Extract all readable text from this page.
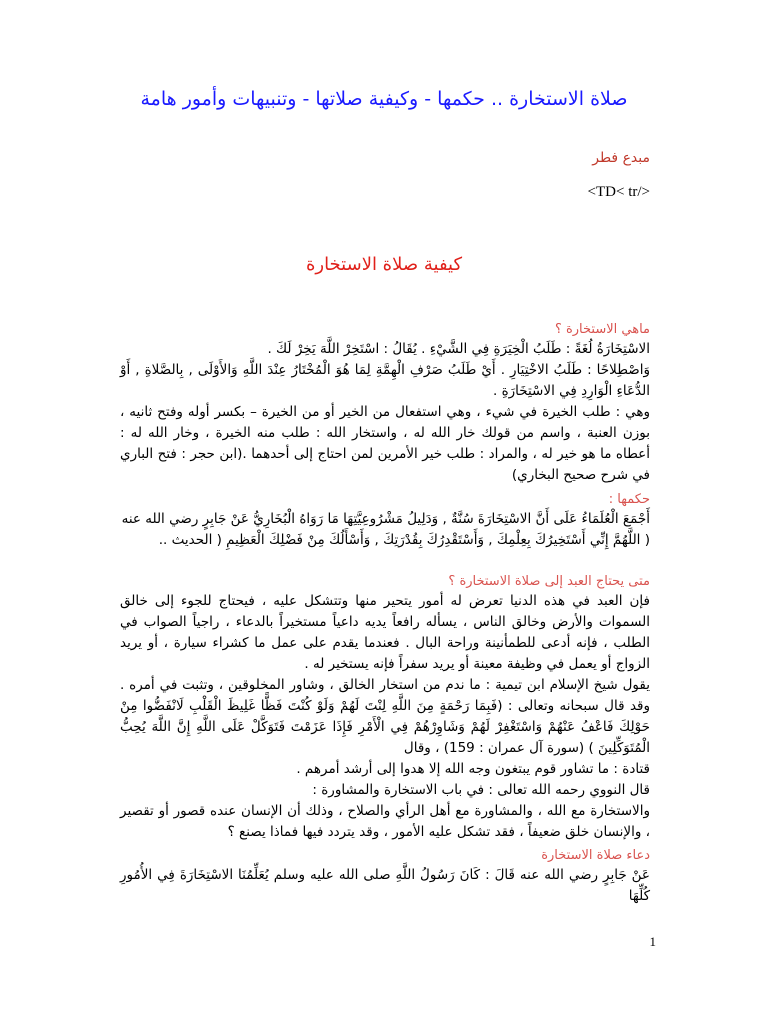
صلاة الاستخارة .. حكمها - وكيفية صلاتها - وتنبيهات وأمور هامة
مبدع فطر
<TD< tr/>
كيفية صلاة الاستخارة
ماهي الاستخارة ؟

الاسْتِخَارَةُ لُغَةً : طَلَبُ الْخِيَرَةِ فِي الشَّيْءِ . يُقَالُ : اسْتَخِرْ اللَّهَ يَخِرْ لَكَ .

وَاصْطِلاحًا : طَلَبُ الاخْتِيَارِ . أَيْ طَلَبُ صَرْفِ الْهِمَّةِ لِمَا هُوَ الْمُخْتَارُ عِنْدَ اللَّهِ وَالأَوْلَى , بِالصَّلاةِ , أَوْ الدُّعَاءِ الْوَارِدِ فِي الاسْتِخَارَةِ .

وهي : طلب الخيرة في شيء ، وهي استفعال من الخير أو من الخيرة – بكسر أوله وفتح ثانيه ، بوزن العنبة ، واسم من قولك خار الله له ، واستخار الله : طلب منه الخيرة ، وخار الله له : أعطاه ما هو خير له ، والمراد : طلب خير الأمرين لمن احتاج إلى أحدهما .(ابن حجر : فتح الباري في شرح صحيح البخاري)

حكمها :

أَجْمَعَ الْعُلَمَاءُ عَلَى أَنَّ الاسْتِخَارَةَ سُنَّةٌ , وَدَلِيلُ مَشْرُوعِيَّتِهَا مَا رَوَاهُ الْبُخَارِيُّ عَنْ جَابِرٍ رضي الله عنه

( اللَّهُمَّ إِنِّي أَسْتَخِيرُكَ بِعِلْمِكَ , وَأَسْتَقْدِرُكَ بِقُدْرَتِكَ , وَأَسْأَلُكَ مِنْ فَضْلِكَ الْعَظِيمِ ( الحديث ..

متى يحتاج العبد إلى صلاة الاستخارة ؟

فإن العبد في هذه الدنيا تعرض له أمور يتحير منها وتتشكل عليه ، فيحتاج للجوء إلى خالق السموات والأرض وخالق الناس ، يسأله رافعاً يديه داعياً مستخيراً بالدعاء ، راجياً الصواب في الطلب ، فإنه أدعى للطمأنينة وراحة البال . فعندما يقدم على عمل ما كشراء سيارة ، أو يريد الزواج أو يعمل في وظيفة معينة أو يريد سفراً فإنه يستخير له .

يقول شيخ الإسلام ابن تيمية : ما ندم من استخار الخالق ، وشاور المخلوقين ، وتثبت في أمره . وقد قال سبحانه وتعالى : (فَبِمَا رَحْمَةٍ مِنَ اللَّهِ لِنْتَ لَهُمْ وَلَوْ كُنْتَ فَظًّا غَلِيظَ الْقَلْبِ لَانْفَضُّوا مِنْ حَوْلِكَ فَاعْفُ عَنْهُمْ وَاسْتَغْفِرْ لَهُمْ وَشَاوِرْهُمْ فِي الْأَمْرِ فَإِذَا عَزَمْتَ فَتَوَكَّلْ عَلَى اللَّهِ إِنَّ اللَّهَ يُحِبُّ الْمُتَوَكِّلِينَ ) (سورة آل عمران : 159) ، وقال

قتادة : ما تشاور قوم يبتغون وجه الله إلا هدوا إلى أرشد أمرهم .

قال النووي رحمه الله تعالى : في باب الاستخارة والمشاورة :

والاستخارة مع الله ، والمشاورة مع أهل الرأي والصلاح ، وذلك أن الإنسان عنده قصور أو تقصير ، والإنسان خلق ضعيفاً ، فقد تشكل عليه الأمور ، وقد يتردد فيها فماذا يصنع ؟

دعاء صلاة الاستخارة

عَنْ جَابِرٍ رضي الله عنه قَالَ : كَانَ رَسُولُ اللَّهِ صلى الله عليه وسلم يُعَلِّمُنَا الاسْتِخَارَةَ فِي الأُمُورِ كُلِّهَا

1
